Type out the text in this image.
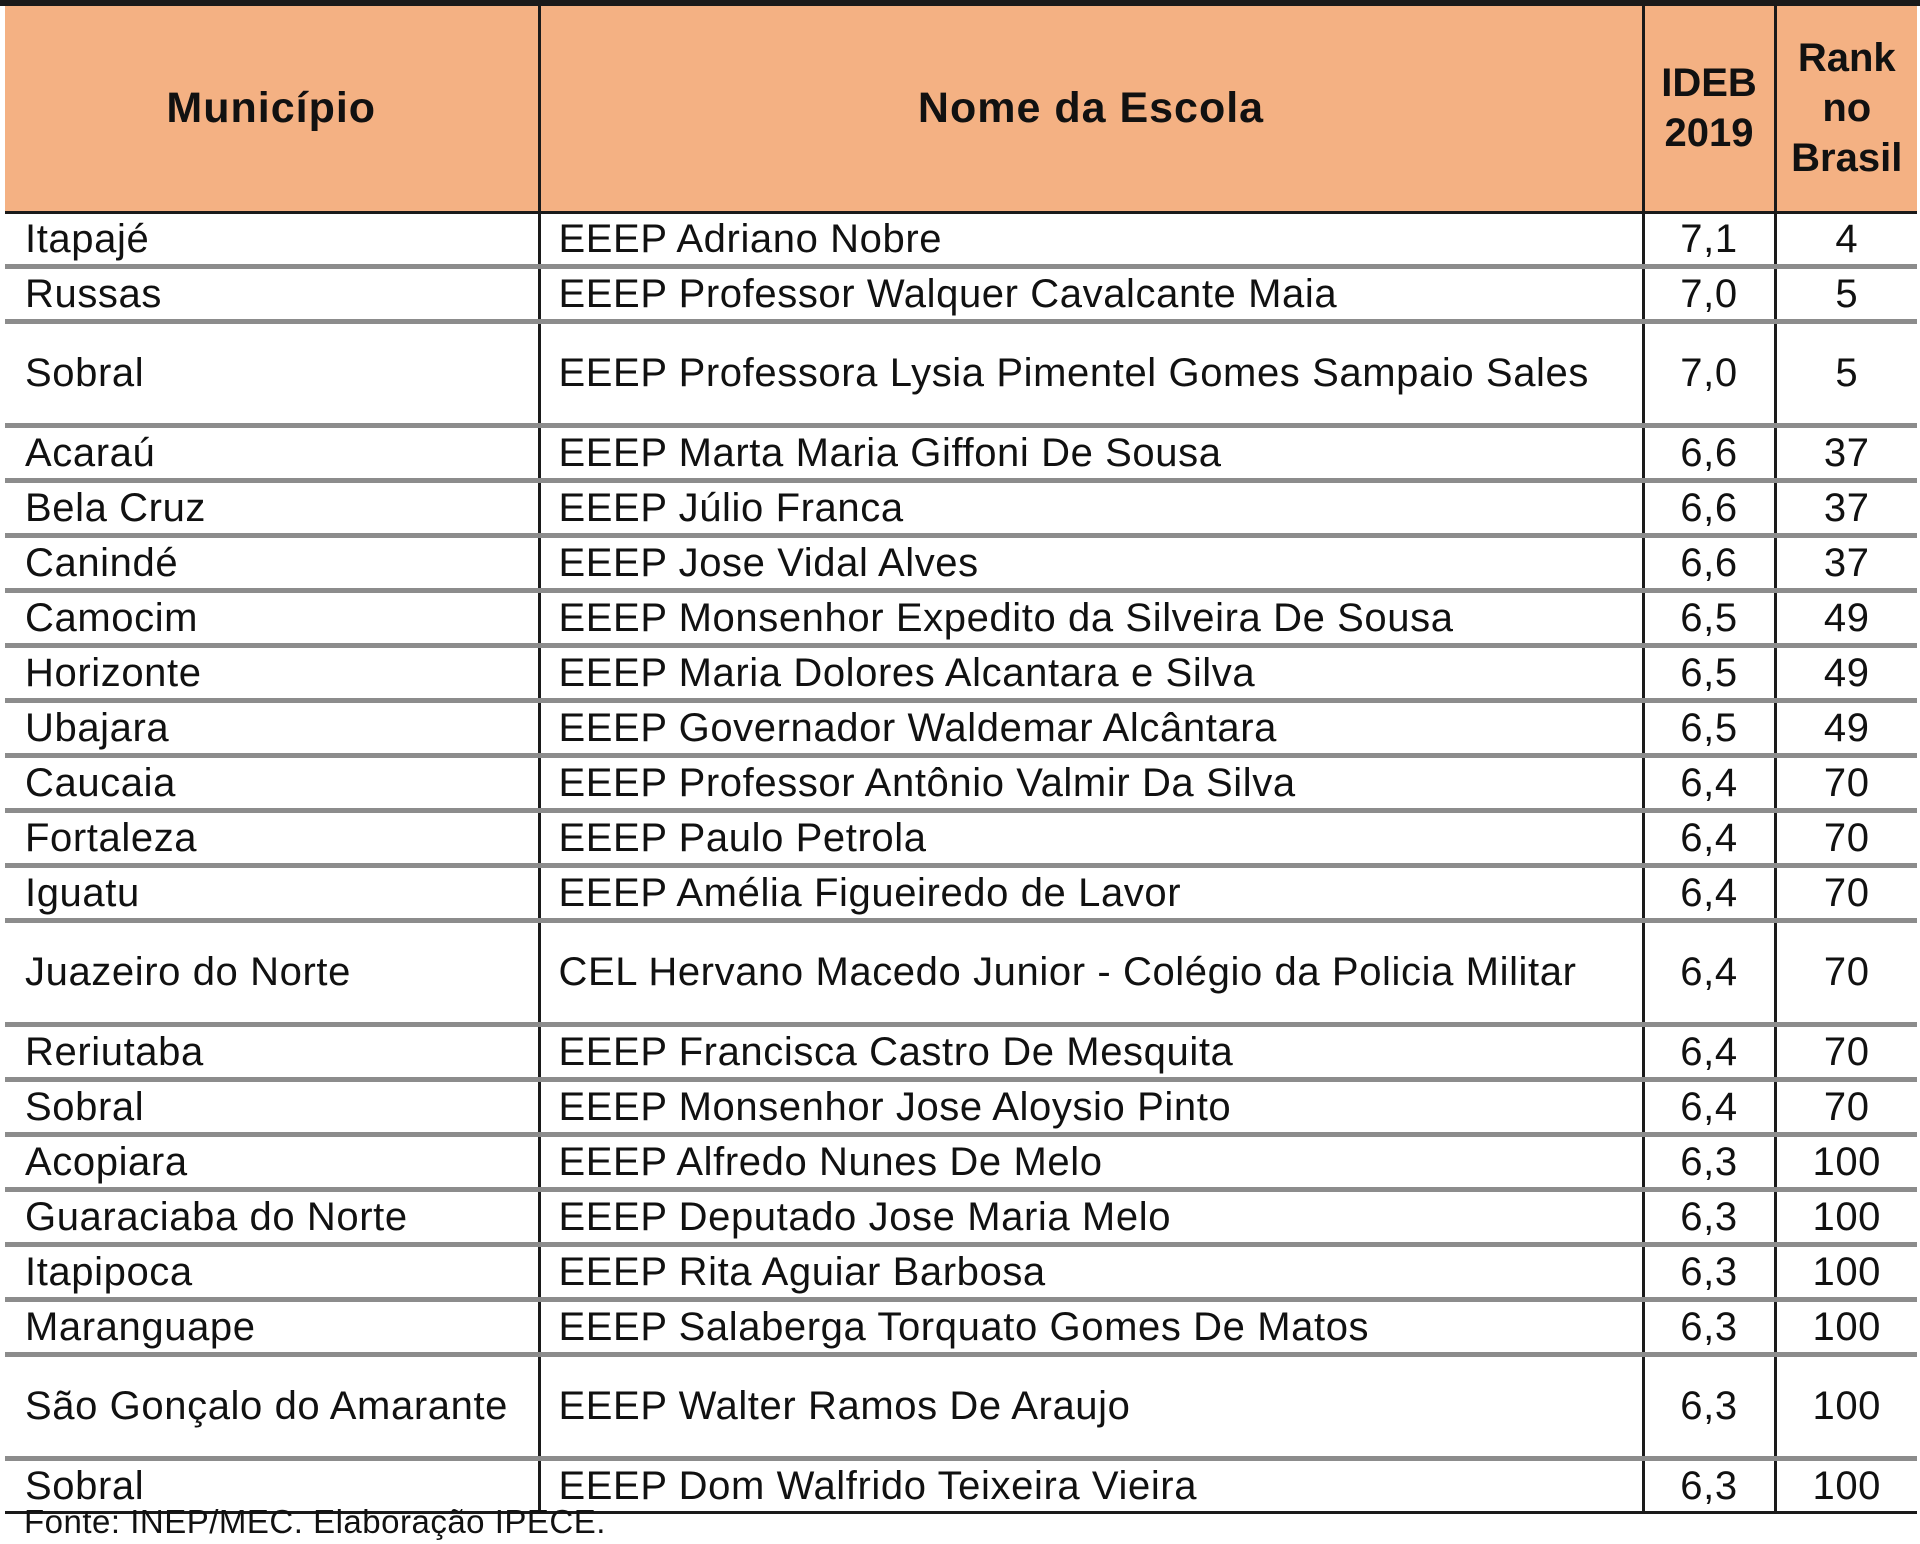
Município	Nome da Escola	IDEB 2019	Rank no Brasil
Itapajé	EEEP Adriano Nobre	7,1	4
Russas	EEEP Professor Walquer Cavalcante Maia	7,0	5
Sobral	EEEP Professora Lysia Pimentel Gomes Sampaio Sales	7,0	5
Acaraú	EEEP Marta Maria Giffoni De Sousa	6,6	37
Bela Cruz	EEEP Júlio Franca	6,6	37
Canindé	EEEP Jose Vidal Alves	6,6	37
Camocim	EEEP Monsenhor Expedito da Silveira De Sousa	6,5	49
Horizonte	EEEP Maria Dolores Alcantara e Silva	6,5	49
Ubajara	EEEP Governador Waldemar Alcântara	6,5	49
Caucaia	EEEP Professor Antônio Valmir Da Silva	6,4	70
Fortaleza	EEEP Paulo Petrola	6,4	70
Iguatu	EEEP Amélia Figueiredo de Lavor	6,4	70
Juazeiro do Norte	CEL Hervano Macedo Junior - Colégio da Policia Militar	6,4	70
Reriutaba	EEEP Francisca Castro De Mesquita	6,4	70
Sobral	EEEP Monsenhor Jose Aloysio Pinto	6,4	70
Acopiara	EEEP Alfredo Nunes De Melo	6,3	100
Guaraciaba do Norte	EEEP Deputado Jose Maria Melo	6,3	100
Itapipoca	EEEP Rita Aguiar Barbosa	6,3	100
Maranguape	EEEP Salaberga Torquato Gomes De Matos	6,3	100
São Gonçalo do Amarante	EEEP Walter Ramos De Araujo	6,3	100
Sobral	EEEP Dom Walfrido Teixeira Vieira	6,3	100
Fonte: INEP/MEC. Elaboração IPECE.
